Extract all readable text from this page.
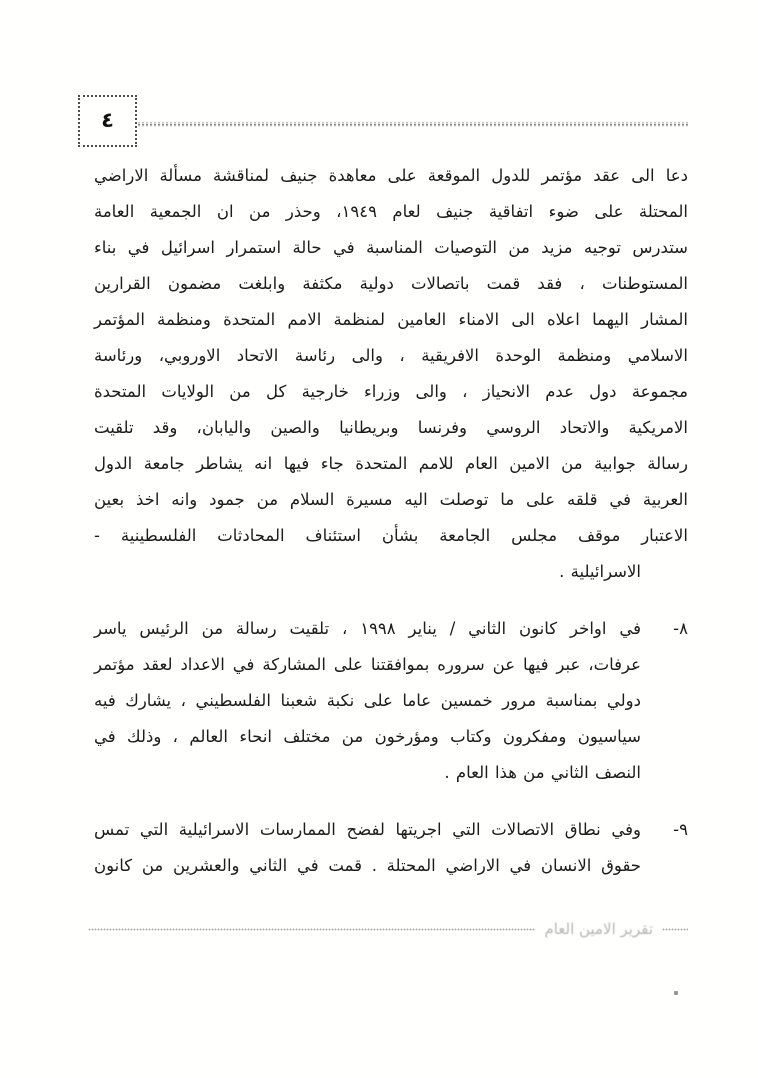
٤
دعا الى عقد مؤتمر للدول الموقعة على معاهدة جنيف لمناقشة مسألة الاراضي
المحتلة على ضوء اتفاقية جنيف لعام ١٩٤٩، وحذر من ان الجمعية العامة
ستدرس توجيه مزيد من التوصيات المناسبة في حالة استمرار اسرائيل في بناء
المستوطنات ، فقد قمت باتصالات دولية مكثفة وابلغت مضمون القرارين
المشار اليهما اعلاه الى الامناء العامين لمنظمة الامم المتحدة ومنظمة المؤتمر
الاسلامي ومنظمة الوحدة الافريقية ، والى رئاسة الاتحاد الاوروبي، ورئاسة
مجموعة دول عدم الانحياز ، والى وزراء خارجية كل من الولايات المتحدة
الامريكية والاتحاد الروسي وفرنسا وبريطانيا والصين واليابان، وقد تلقيت
رسالة جوابية من الامين العام للامم المتحدة جاء فيها انه يشاطر جامعة الدول
العربية في قلقه على ما توصلت اليه مسيرة السلام من جمود وانه اخذ بعين
الاعتبار موقف مجلس الجامعة بشأن استئناف المحادثات الفلسطينية -
الاسرائيلية .
٨-
في اواخر كانون الثاني / يناير ١٩٩٨ ، تلقيت رسالة من الرئيس ياسر
عرفات، عبر فيها عن سروره بموافقتنا على المشاركة في الاعداد لعقد مؤتمر
دولي بمناسبة مرور خمسين عاما على نكبة شعبنا الفلسطيني ، يشارك فيه
سياسيون ومفكرون وكتاب ومؤرخون من مختلف انحاء العالم ، وذلك في
النصف الثاني من هذا العام .
٩-
وفي نطاق الاتصالات التي اجريتها لفضح الممارسات الاسرائيلية التي تمس
حقوق الانسان في الاراضي المحتلة . قمت في الثاني والعشرين من كانون
تقرير الامين العام
